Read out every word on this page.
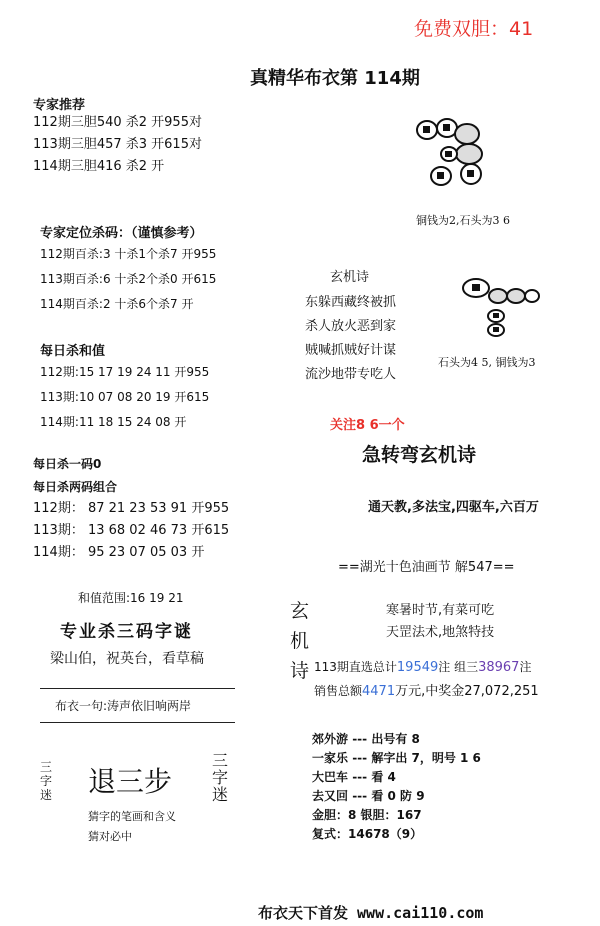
免费双胆：41
真精华布衣第 114期
专家推荐
112期三胆540 杀2 开955对
113期三胆457 杀3 开615对
114期三胆416 杀2 开
专家定位杀码：（谨慎参考）
112期百杀:3 十杀1个杀7 开955
113期百杀:6 十杀2个杀0 开615
114期百杀:2 十杀6个杀7 开
每日杀和值
112期:15 17 19 24 11 开955
113期:10 07 08 20 19 开615
114期:11 18 15 24 08 开
每日杀一码0
每日杀两码组合
112期： 87 21 23 53 91 开955
113期： 13 68 02 46 73 开615
114期： 95 23 07 05 03 开
和值范围:16 19 21
专业杀三码字谜
梁山伯，祝英台，看草稿
布衣一句:涛声依旧响两岸
三字迷 退三步
三字迷
猜字的笔画和含义
猜对必中
铜钱为2,石头为3 6
玄机诗
东躲西藏终被抓
杀人放火恶到家
贼喊抓贼好计谋
流沙地带专吃人
石头为4 5, 铜钱为3
关注8 6一个
急转弯玄机诗
通天教,多法宝,四驱车,六百万
==湖光十色油画节 解547==
玄
机
诗
寒暑时节,有菜可吃
天罡法术,地煞特技
113期直选总计19549注 组三38967注
销售总额4471万元,中奖金27,072,251
郊外游 --- 出号有 8
一家乐 --- 解字出 7，明号 1 6
大巴车 --- 看 4
去又回 --- 看 0 防 9
金胆：8 银胆：167
复式：14678（9）
布衣天下首发 www.cai110.com
